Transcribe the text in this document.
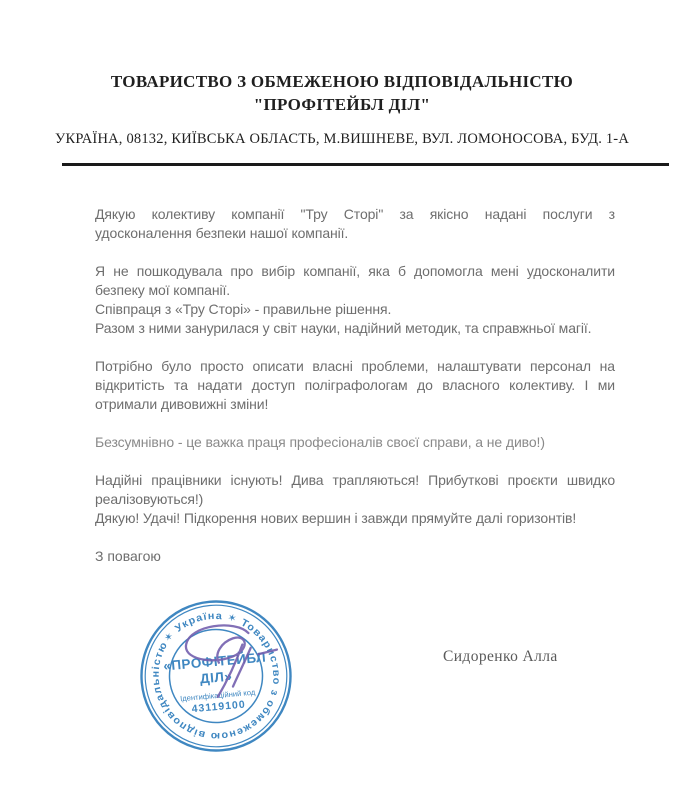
ТОВАРИСТВО З ОБМЕЖЕНОЮ ВІДПОВІДАЛЬНІСТЮ
"ПРОФІТЕЙБЛ ДІЛ"
УКРАЇНА, 08132, КИЇВСЬКА ОБЛАСТЬ, М.ВИШНЕВЕ, ВУЛ. ЛОМОНОСОВА, БУД. 1-А
Дякую колективу компанії "Тру Сторі" за якісно надані послуги з
удосконалення безпеки нашої компанії.
Я не пошкодувала про вибір компанії, яка б допомогла мені удосконалити
безпеку мої компанії.
Співпраця з «Тру Сторі» - правильне рішення.
Разом з ними занурилася у світ науки, надійний методик, та справжньої магії.
Потрібно було просто описати власні проблеми, налаштувати персонал на
відкритість та надати доступ поліграфологам до власного колективу. І ми
отримали дивовижні зміни!
Безсумнівно - це важка праця професіоналів своєї справи, а не диво!)
Надійні працівники існують! Дива трапляються! Прибуткові проєкти швидко
реалізовуються!)
Дякую! Удачі! Підкорення нових вершин і завжди прямуйте далі горизонтів!
З повагою
✶ Україна ✶ Товариство з обмеженою відповідальністю
«ПРОФІТЕЙБЛ
ДІЛ»
Ідентифікаційний код
43119100
Сидоренко Алла
